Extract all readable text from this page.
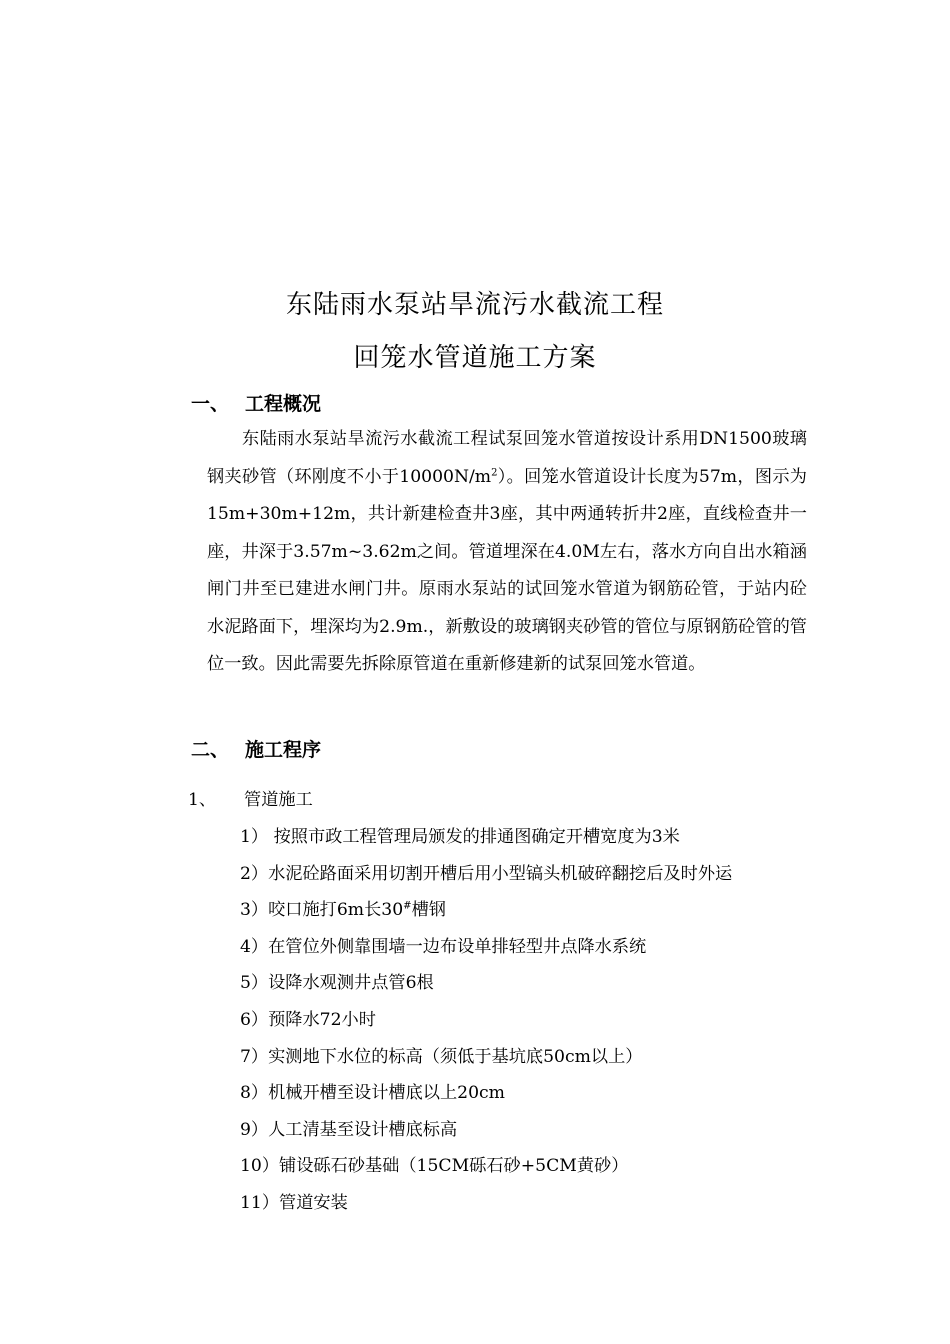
东陆雨水泵站旱流污水截流工程
回笼水管道施工方案
一、 工程概况
东陆雨水泵站旱流污水截流工程试泵回笼水管道按设计系用DN1500玻璃钢夹砂管（环刚度不小于$10000N/m^2$）。回笼水管道设计长度为57m，图示为15m+30m+12m，共计新建检查井3座，其中两通转折井2座，直线检查井一座，井深于3.57m~3.62m之间。管道埋深在4.0M左右，落水方向自出水箱涵闸门井至已建进水闸门井。原雨水泵站的试回笼水管道为钢筋砼管，于站内砼水泥路面下，埋深均为2.9m.，新敷设的玻璃钢夹砂管的管位与原钢筋砼管的管位一致。因此需要先拆除原管道在重新修建新的试泵回笼水管道。
二、 施工程序
1、 管道施工
1） 按照市政工程管理局颁发的排通图确定开槽宽度为3米
2）水泥砼路面采用切割开槽后用小型镐头机破碎翻挖后及时外运
3）咬口施打6m长30#槽钢
4）在管位外侧靠围墙一边布设单排轻型井点降水系统
5）设降水观测井点管6根
6）预降水72小时
7）实测地下水位的标高（须低于基坑底50cm以上）
8）机械开槽至设计槽底以上20cm
9）人工清基至设计槽底标高
10）铺设砾石砂基础（15CM砾石砂+5CM黄砂）
11）管道安装
